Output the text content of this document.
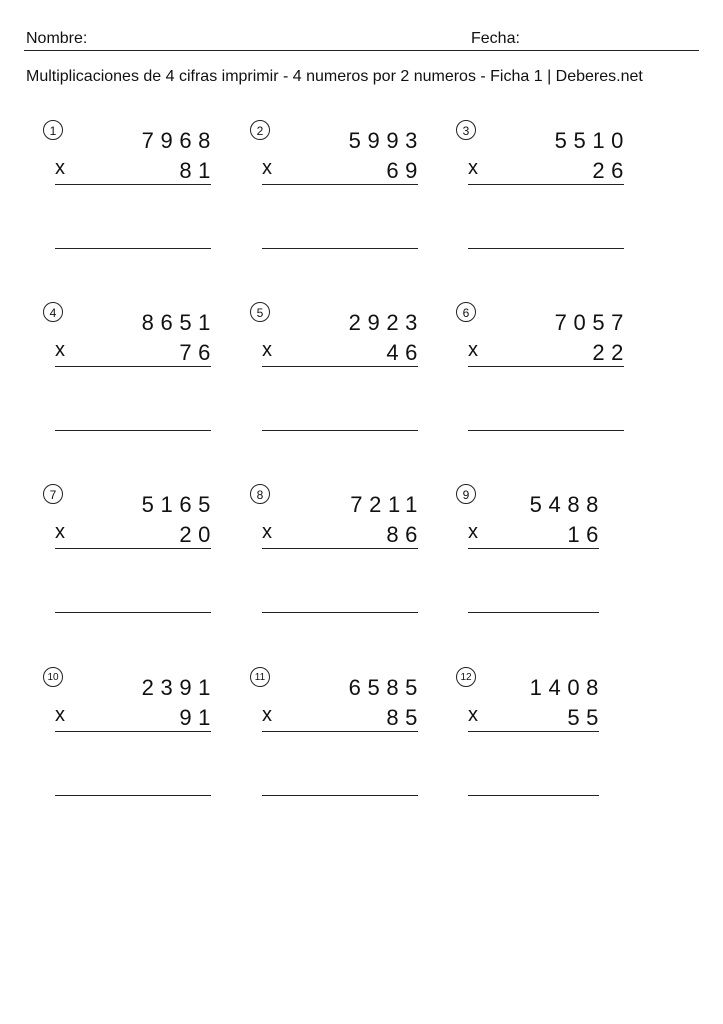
Nombre:	Fecha:
Multiplicaciones de 4 cifras imprimir - 4 numeros por 2 numeros - Ficha 1 | Deberes.net
1	7968
x	81
2	5993
x	69
3	5510
x	26
4	8651
x	76
5	2923
x	46
6	7057
x	22
7	5165
x	20
8	7211
x	86
9	5488
x	16
10	2391
x	91
11	6585
x	85
12	1408
x	55
